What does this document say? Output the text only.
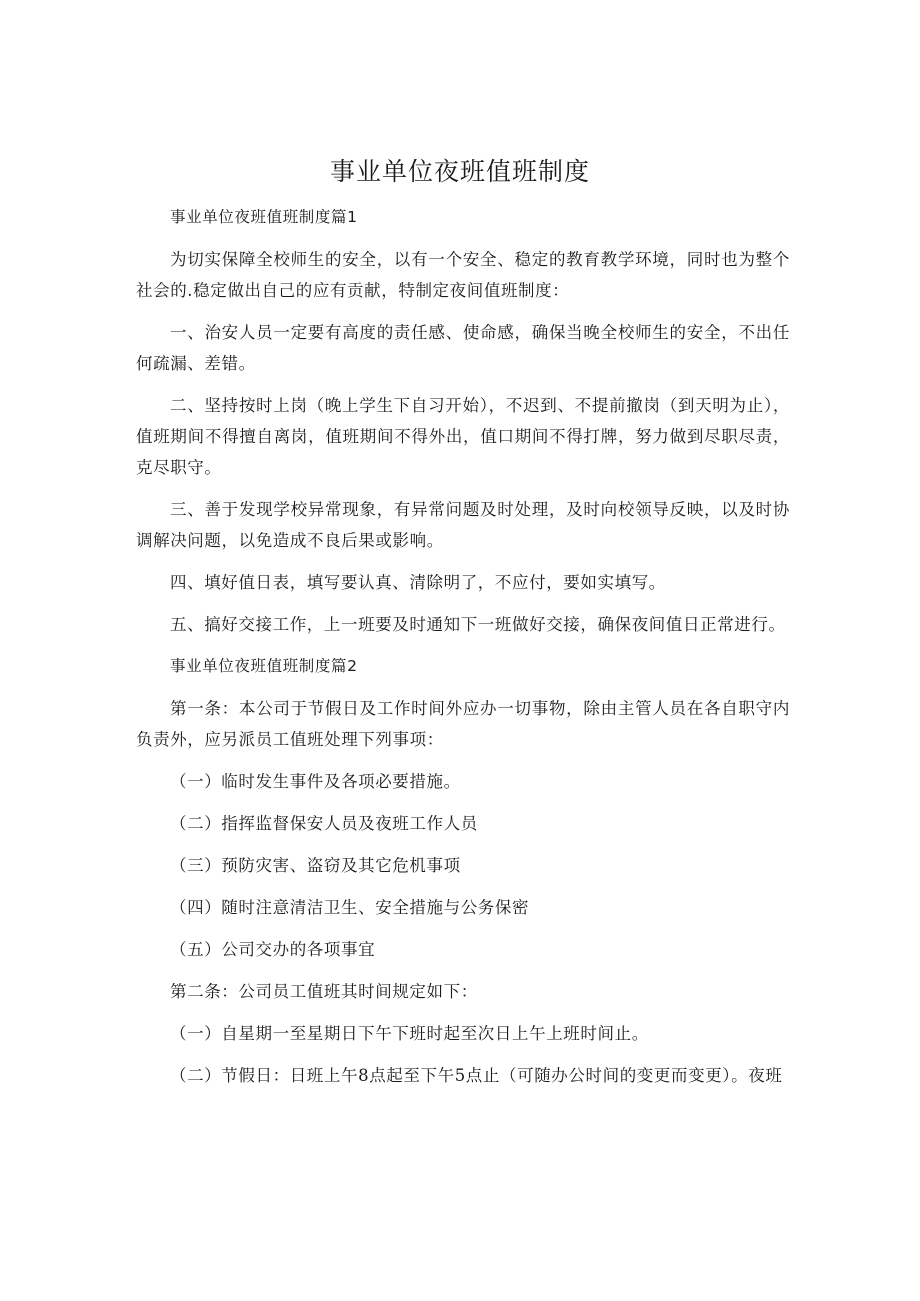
事业单位夜班值班制度
事业单位夜班值班制度篇1
为切实保障全校师生的安全，以有一个安全、稳定的教育教学环境，同时也为整个社会的.稳定做出自己的应有贡献，特制定夜间值班制度：
一、治安人员一定要有高度的责任感、使命感，确保当晚全校师生的安全，不出任何疏漏、差错。
二、坚持按时上岗（晚上学生下自习开始），不迟到、不提前撤岗（到天明为止），值班期间不得擅自离岗，值班期间不得外出，值口期间不得打牌，努力做到尽职尽责，克尽职守。
三、善于发现学校异常现象，有异常问题及时处理，及时向校领导反映，以及时协调解决问题，以免造成不良后果或影响。
四、填好值日表，填写要认真、清除明了，不应付，要如实填写。
五、搞好交接工作，上一班要及时通知下一班做好交接，确保夜间值日正常进行。
事业单位夜班值班制度篇2
第一条：本公司于节假日及工作时间外应办一切事物，除由主管人员在各自职守内负责外，应另派员工值班处理下列事项：
（一）临时发生事件及各项必要措施。
（二）指挥监督保安人员及夜班工作人员
（三）预防灾害、盗窃及其它危机事项
（四）随时注意清洁卫生、安全措施与公务保密
（五）公司交办的各项事宜
第二条：公司员工值班其时间规定如下：
（一）自星期一至星期日下午下班时起至次日上午上班时间止。
（二）节假日：日班上午8点起至下午5点止（可随办公时间的变更而变更）。夜班
